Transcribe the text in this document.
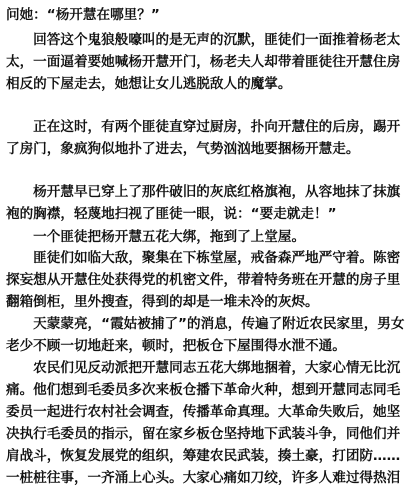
问她：“杨开慧在哪里？”
　　回答这个鬼狼般嚎叫的是无声的沉默，匪徒们一面推着杨老太
太，一面逼着要她喊杨开慧开门，杨老夫人却带着匪徒往开慧住房
相反的下屋走去，她想让女儿逃脱敌人的魔掌。
　　正在这时，有两个匪徒直穿过厨房，扑向开慧住的后房，踢开
了房门，象疯狗似地扑了进去，气势汹汹地要捆杨开慧走。
　　杨开慧早已穿上了那件破旧的灰底红格旗袍，从容地抹了抹旗
袍的胸襟，轻蔑地扫视了匪徒一眼，说：“要走就走！”
　　一个匪徒把杨开慧五花大绑，拖到了上堂屋。
　　匪徒们如临大敌，聚集在下栋堂屋，戒备森严地严守着。陈密
探妄想从开慧住处获得党的机密文件，带着特务班在开慧的房子里
翻箱倒柜，里外搜查，得到的却是一堆未冷的灰烬。
　　天蒙蒙亮，“霞姑被捕了”的消息，传遍了附近农民家里，男女
老少不顾一切地赶来，顿时，把板仓下屋围得水泄不通。
　　农民们见反动派把开慧同志五花大绑地捆着，大家心情无比沉
痛。他们想到毛委员多次来板仓播下革命火种，想到开慧同志同毛
委员一起进行农村社会调查，传播革命真理。大革命失败后，她坚
决执行毛委员的指示，留在家乡板仓坚持地下武装斗争，同他们并
肩战斗，恢复发展党的组织，筹建农民武装，揍土豪，打团防……
一桩桩往事，一齐涌上心头。大家心痛如刀绞，许多人难过得热泪
